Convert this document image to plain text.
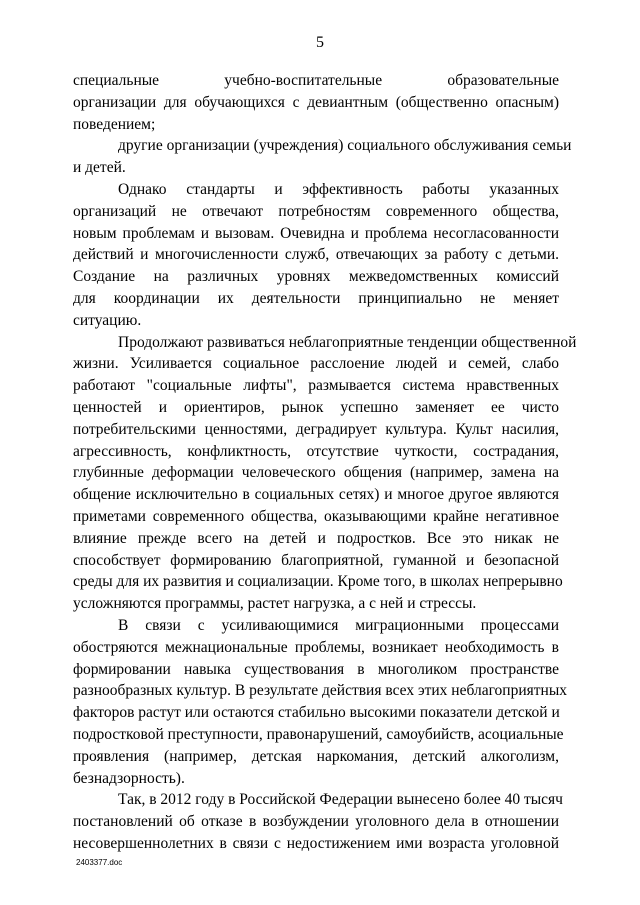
5
специальные учебно-воспитательные образовательные
организации для обучающихся с девиантным (общественно опасным)
поведением;
другие организации (учреждения) социального обслуживания семьи
и детей.
Однако стандарты и эффективность работы указанных
организаций не отвечают потребностям современного общества,
новым проблемам и вызовам. Очевидна и проблема несогласованности
действий и многочисленности служб, отвечающих за работу с детьми.
Создание на различных уровнях межведомственных комиссий
для координации их деятельности принципиально не меняет
ситуацию.
Продолжают развиваться неблагоприятные тенденции общественной
жизни. Усиливается социальное расслоение людей и семей, слабо
работают "социальные лифты", размывается система нравственных
ценностей и ориентиров, рынок успешно заменяет ее чисто
потребительскими ценностями, деградирует культура. Культ насилия,
агрессивность, конфликтность, отсутствие чуткости, сострадания,
глубинные деформации человеческого общения (например, замена на
общение исключительно в социальных сетях) и многое другое являются
приметами современного общества, оказывающими крайне негативное
влияние прежде всего на детей и подростков. Все это никак не
способствует формированию благоприятной, гуманной и безопасной
среды для их развития и социализации. Кроме того, в школах непрерывно
усложняются программы, растет нагрузка, а с ней и стрессы.
В связи с усиливающимися миграционными процессами
обостряются межнациональные проблемы, возникает необходимость в
формировании навыка существования в многоликом пространстве
разнообразных культур. В результате действия всех этих неблагоприятных
факторов растут или остаются стабильно высокими показатели детской и
подростковой преступности, правонарушений, самоубийств, асоциальные
проявления (например, детская наркомания, детский алкоголизм,
безнадзорность).
Так, в 2012 году в Российской Федерации вынесено более 40 тысяч
постановлений об отказе в возбуждении уголовного дела в отношении
несовершеннолетних в связи с недостижением ими возраста уголовной
2403377.doc
